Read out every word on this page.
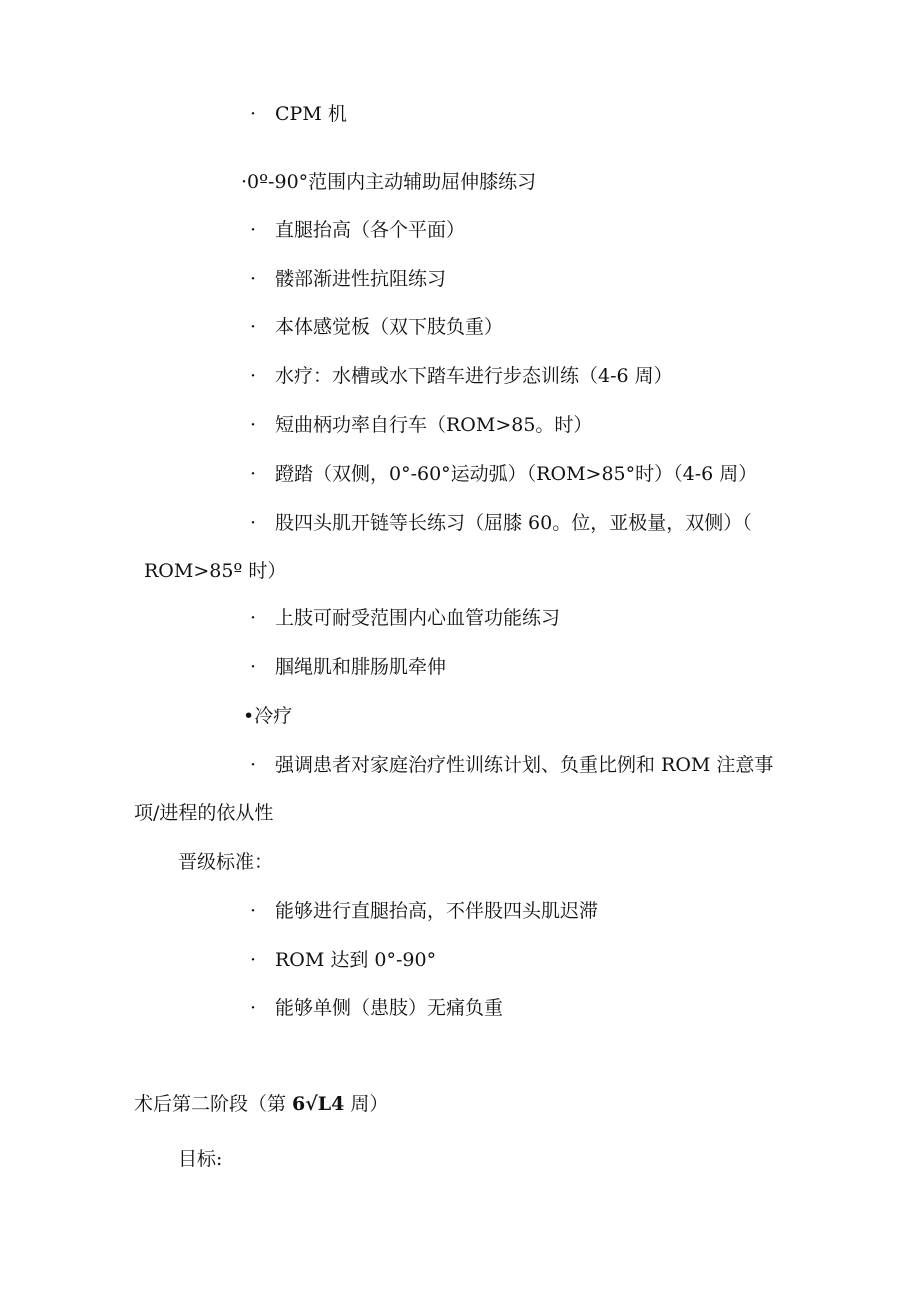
· CPM 机
·0º-90°范围内主动辅助屈伸膝练习
· 直腿抬高（各个平面）
· 髅部渐进性抗阻练习
· 本体感觉板（双下肢负重）
· 水疗：水槽或水下踏车进行步态训练（4-6 周）
· 短曲柄功率自行车（ROM>85。时）
· 蹬踏（双侧，0°-60°运动弧）（ROM>85°时）（4-6 周）
· 股四头肌开链等长练习（屈膝 60。位，亚极量，双侧）（
ROM>85º 时）
· 上肢可耐受范围内心血管功能练习
· 腘绳肌和腓肠肌牵伸
•冷疗
· 强调患者对家庭治疗性训练计划、负重比例和 ROM 注意事
项/进程的依从性
晋级标准：
· 能够进行直腿抬高，不伴股四头肌迟滞
· ROM 达到 0°-90°
· 能够单侧（患肢）无痛负重
术后第二阶段（第 6√L4 周）
目标:
